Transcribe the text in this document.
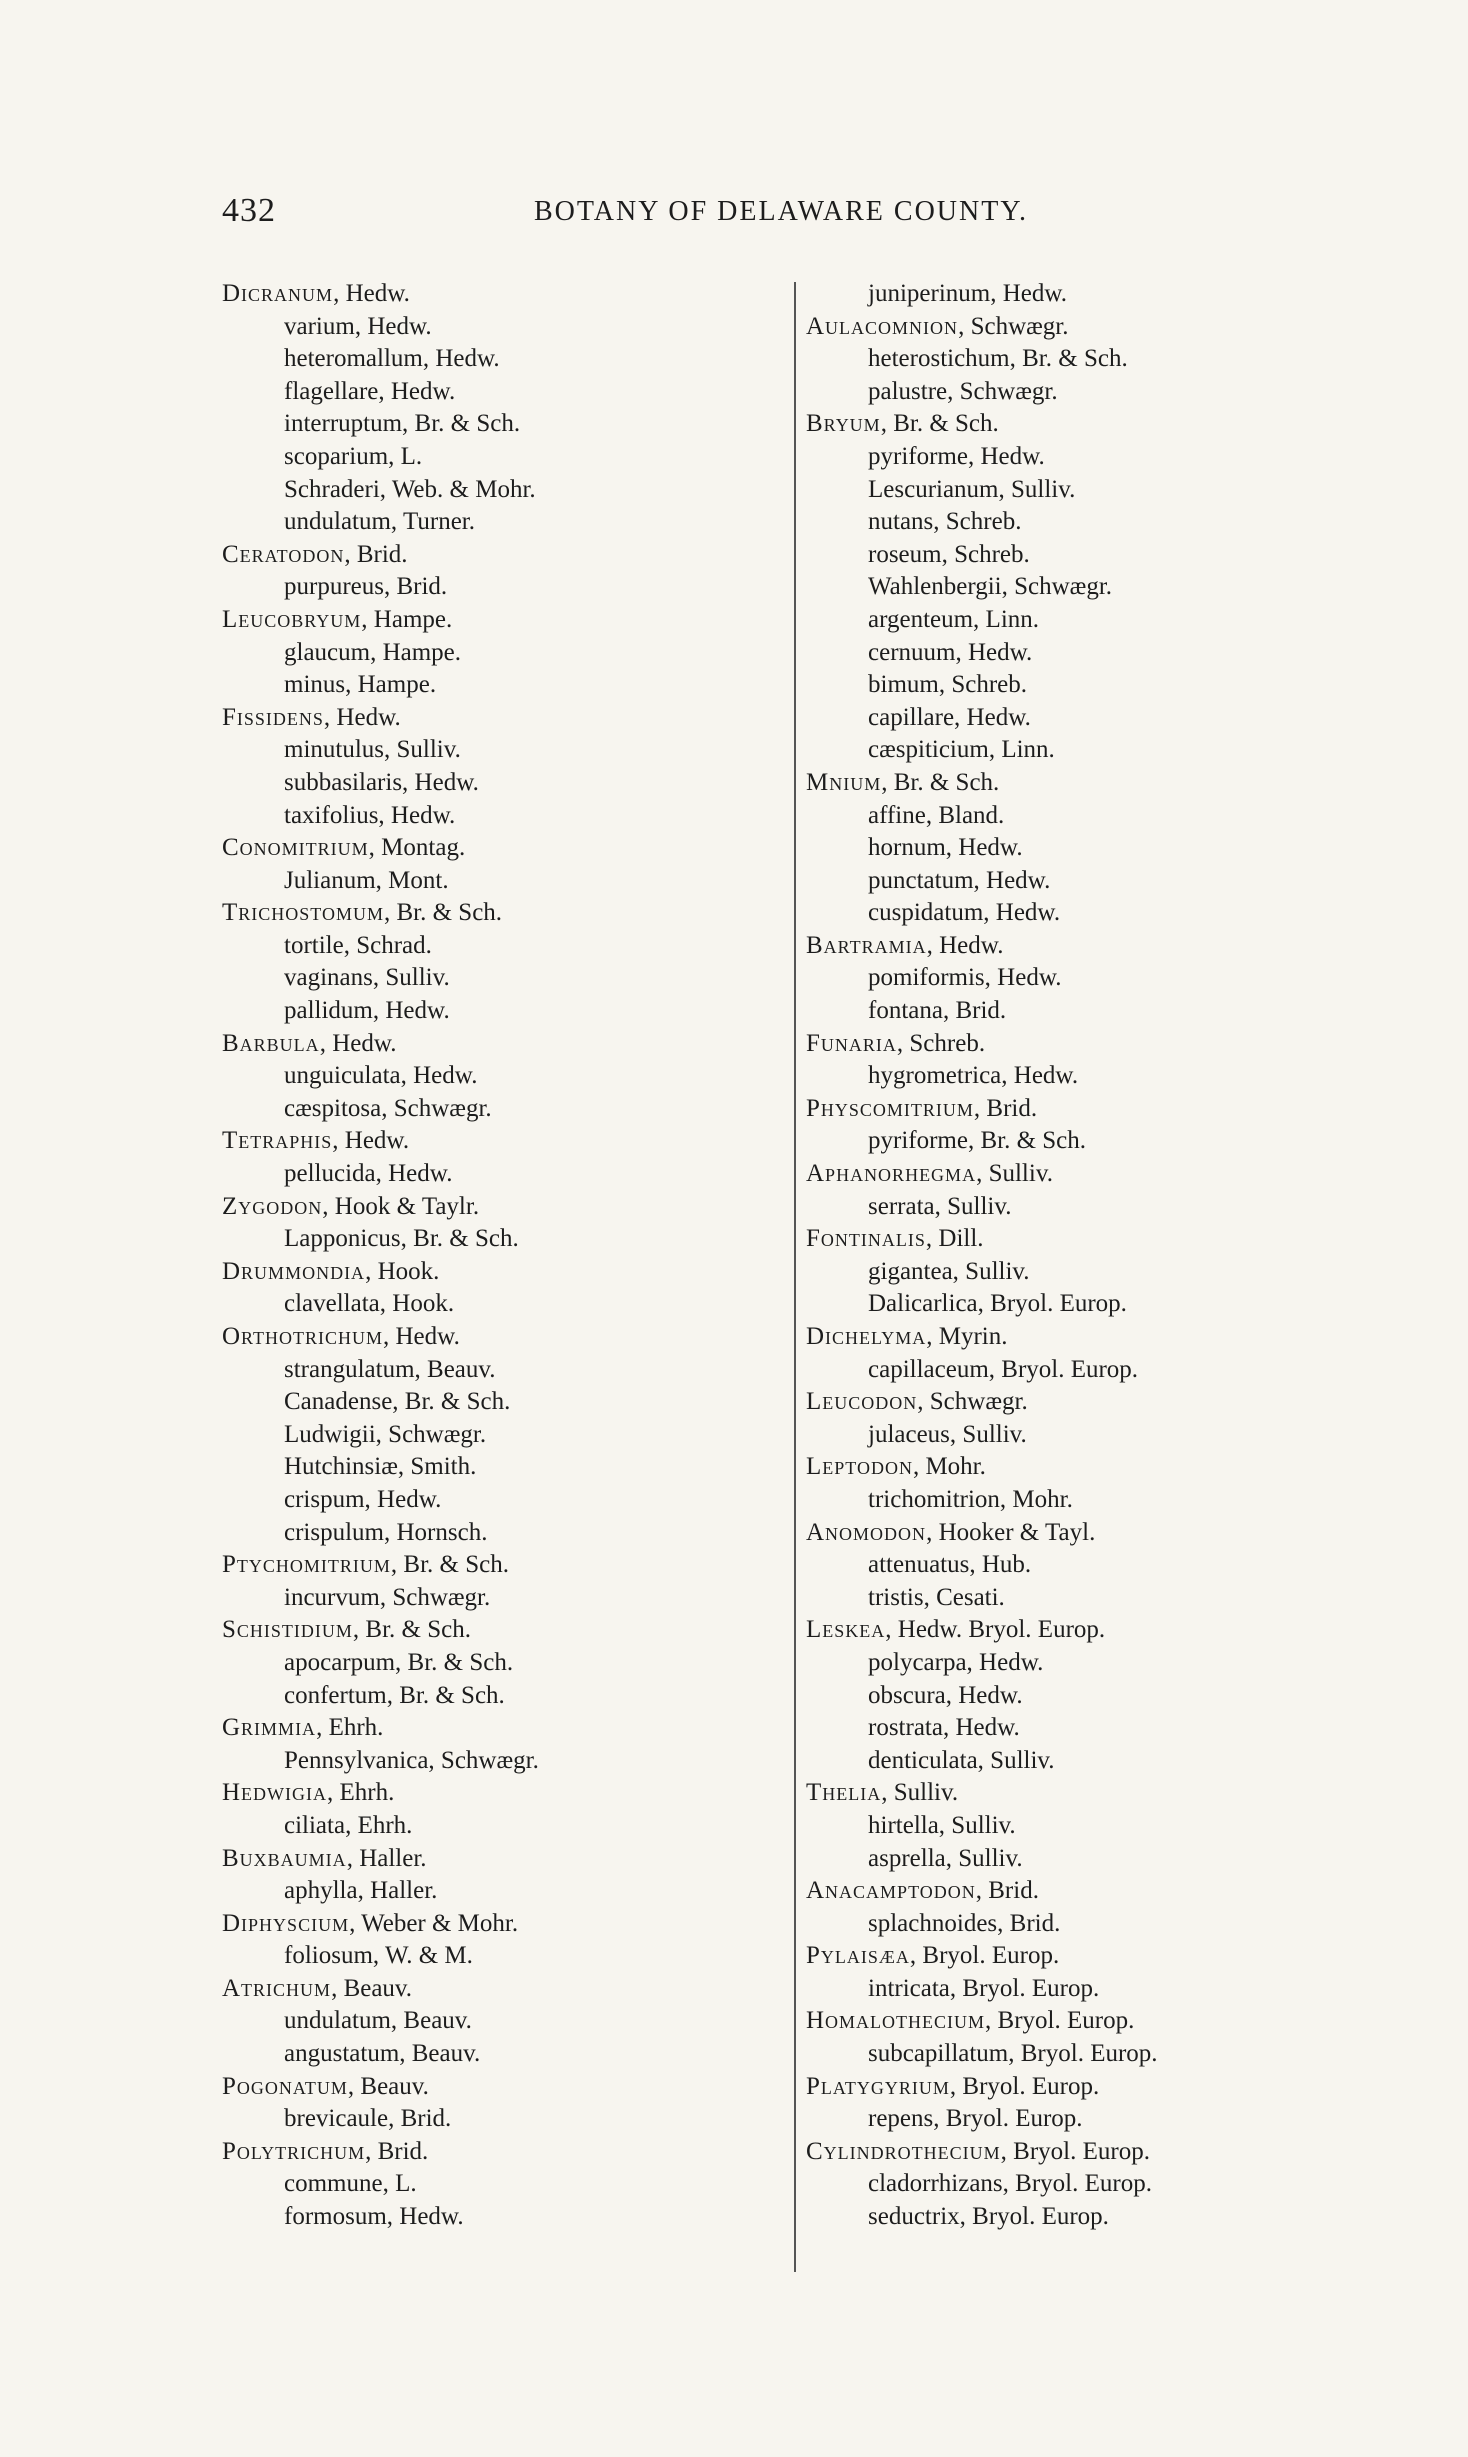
432	BOTANY OF DELAWARE COUNTY.
Dicranum, Hedw.
varium, Hedw.
heteromallum, Hedw.
flagellare, Hedw.
interruptum, Br. & Sch.
scoparium, L.
Schraderi, Web. & Mohr.
undulatum, Turner.
Ceratodon, Brid.
purpureus, Brid.
Leucobryum, Hampe.
glaucum, Hampe.
minus, Hampe.
Fissidens, Hedw.
minutulus, Sulliv.
subbasilaris, Hedw.
taxifolius, Hedw.
Conomitrium, Montag.
Julianum, Mont.
Trichostomum, Br. & Sch.
tortile, Schrad.
vaginans, Sulliv.
pallidum, Hedw.
Barbula, Hedw.
unguiculata, Hedw.
cæspitosa, Schwægr.
Tetraphis, Hedw.
pellucida, Hedw.
Zygodon, Hook & Taylr.
Lapponicus, Br. & Sch.
Drummondia, Hook.
clavellata, Hook.
Orthotrichum, Hedw.
strangulatum, Beauv.
Canadense, Br. & Sch.
Ludwigii, Schwægr.
Hutchinsiæ, Smith.
crispum, Hedw.
crispulum, Hornsch.
Ptychomitrium, Br. & Sch.
incurvum, Schwægr.
Schistidium, Br. & Sch.
apocarpum, Br. & Sch.
confertum, Br. & Sch.
Grimmia, Ehrh.
Pennsylvanica, Schwægr.
Hedwigia, Ehrh.
ciliata, Ehrh.
Buxbaumia, Haller.
aphylla, Haller.
Diphyscium, Weber & Mohr.
foliosum, W. & M.
Atrichum, Beauv.
undulatum, Beauv.
angustatum, Beauv.
Pogonatum, Beauv.
brevicaule, Brid.
Polytrichum, Brid.
commune, L.
formosum, Hedw.
juniperinum, Hedw.
Aulacomnion, Schwægr.
heterostichum, Br. & Sch.
palustre, Schwægr.
Bryum, Br. & Sch.
pyriforme, Hedw.
Lescurianum, Sulliv.
nutans, Schreb.
roseum, Schreb.
Wahlenbergii, Schwægr.
argenteum, Linn.
cernuum, Hedw.
bimum, Schreb.
capillare, Hedw.
cæspiticium, Linn.
Mnium, Br. & Sch.
affine, Bland.
hornum, Hedw.
punctatum, Hedw.
cuspidatum, Hedw.
Bartramia, Hedw.
pomiformis, Hedw.
fontana, Brid.
Funaria, Schreb.
hygrometrica, Hedw.
Physcomitrium, Brid.
pyriforme, Br. & Sch.
Aphanorhegma, Sulliv.
serrata, Sulliv.
Fontinalis, Dill.
gigantea, Sulliv.
Dalicarlica, Bryol. Europ.
Dichelyma, Myrin.
capillaceum, Bryol. Europ.
Leucodon, Schwægr.
julaceus, Sulliv.
Leptodon, Mohr.
trichomitrion, Mohr.
Anomodon, Hooker & Tayl.
attenuatus, Hub.
tristis, Cesati.
Leskea, Hedw. Bryol. Europ.
polycarpa, Hedw.
obscura, Hedw.
rostrata, Hedw.
denticulata, Sulliv.
Thelia, Sulliv.
hirtella, Sulliv.
asprella, Sulliv.
Anacamptodon, Brid.
splachnoides, Brid.
Pylaisæa, Bryol. Europ.
intricata, Bryol. Europ.
Homalothecium, Bryol. Europ.
subcapillatum, Bryol. Europ.
Platygyrium, Bryol. Europ.
repens, Bryol. Europ.
Cylindrothecium, Bryol. Europ.
cladorrhizans, Bryol. Europ.
seductrix, Bryol. Europ.
